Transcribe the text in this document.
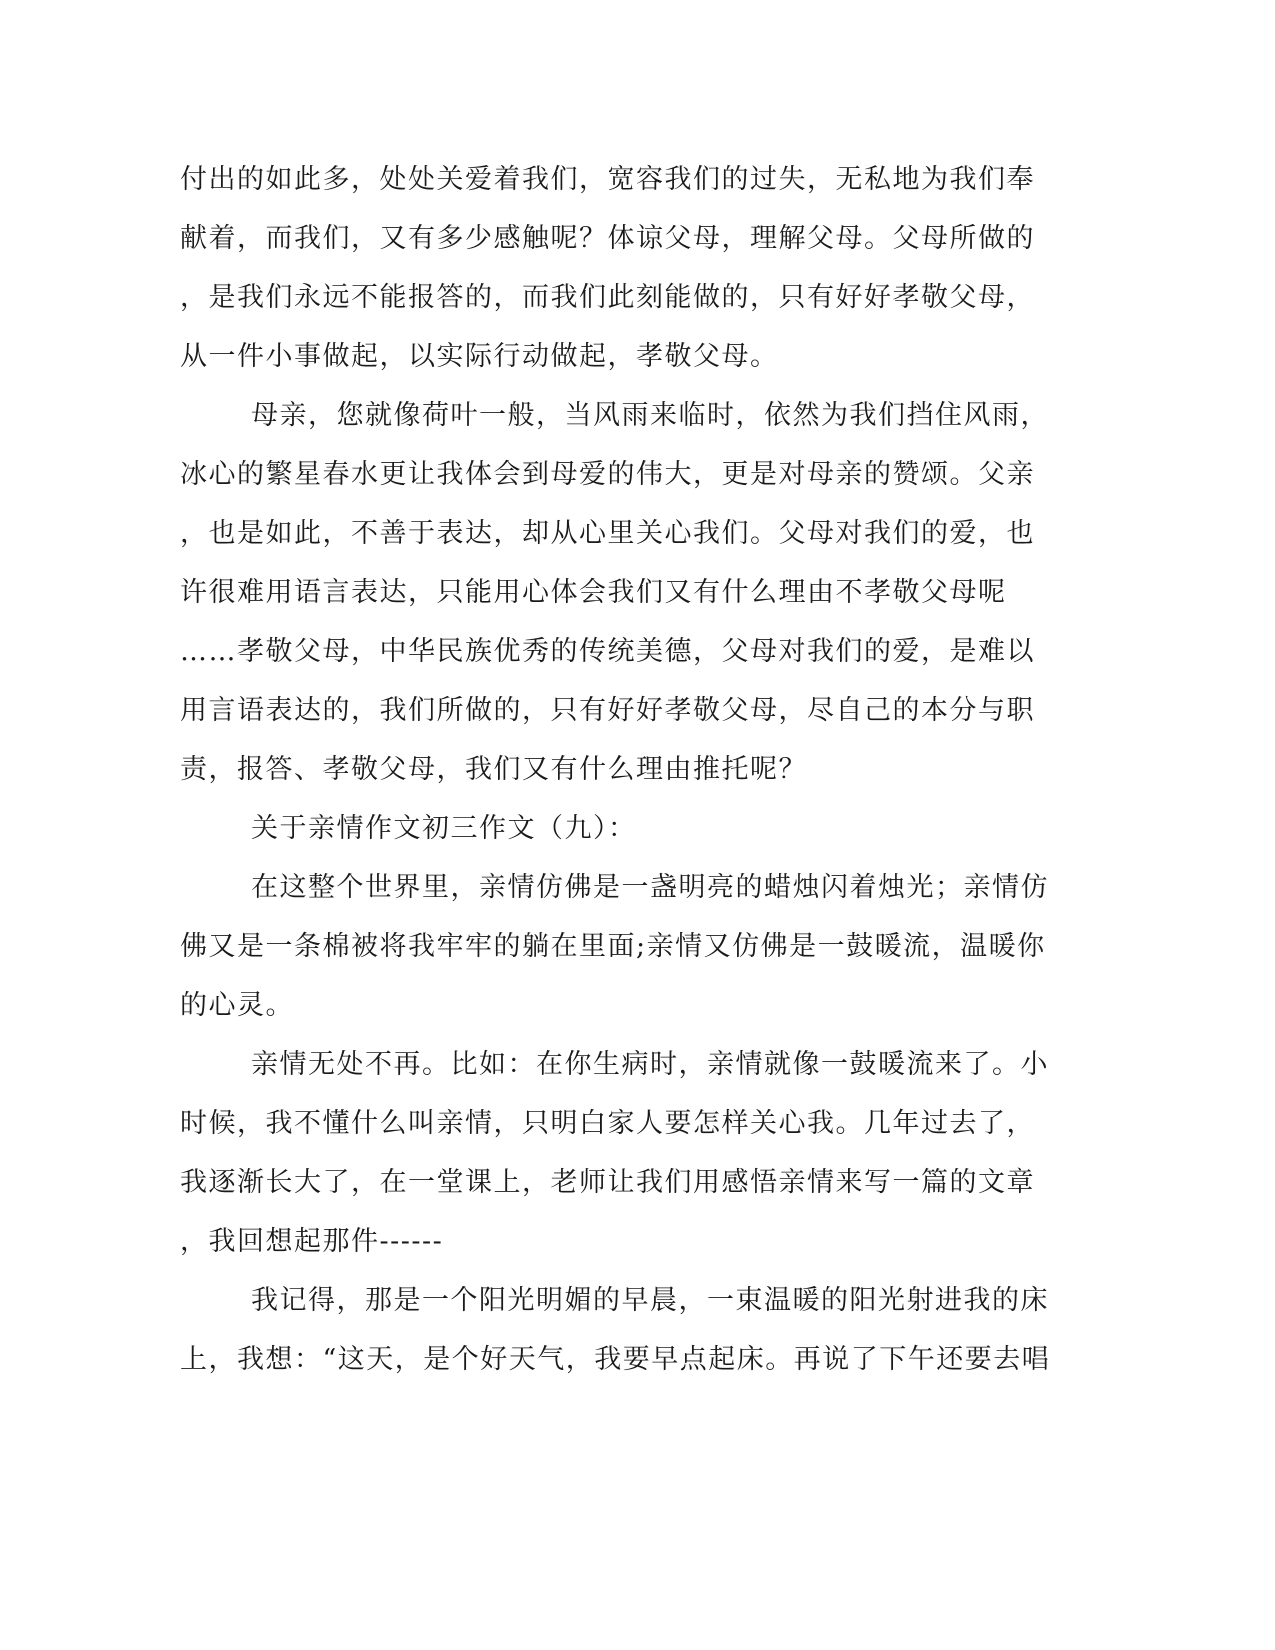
付出的如此多，处处关爱着我们，宽容我们的过失，无私地为我们奉
献着，而我们，又有多少感触呢？体谅父母，理解父母。父母所做的
，是我们永远不能报答的，而我们此刻能做的，只有好好孝敬父母，
从一件小事做起，以实际行动做起，孝敬父母。
母亲，您就像荷叶一般，当风雨来临时，依然为我们挡住风雨，
冰心的繁星春水更让我体会到母爱的伟大，更是对母亲的赞颂。父亲
，也是如此，不善于表达，却从心里关心我们。父母对我们的爱，也
许很难用语言表达，只能用心体会我们又有什么理由不孝敬父母呢
……孝敬父母，中华民族优秀的传统美德，父母对我们的爱，是难以
用言语表达的，我们所做的，只有好好孝敬父母，尽自己的本分与职
责，报答、孝敬父母，我们又有什么理由推托呢？
关于亲情作文初三作文（九）：
在这整个世界里，亲情仿佛是一盏明亮的蜡烛闪着烛光；亲情仿
佛又是一条棉被将我牢牢的躺在里面;亲情又仿佛是一鼓暖流，温暖你
的心灵。
亲情无处不再。比如：在你生病时，亲情就像一鼓暖流来了。小
时候，我不懂什么叫亲情，只明白家人要怎样关心我。几年过去了，
我逐渐长大了，在一堂课上，老师让我们用感悟亲情来写一篇的文章
，我回想起那件------
我记得，那是一个阳光明媚的早晨，一束温暖的阳光射进我的床
上，我想：“这天，是个好天气，我要早点起床。再说了下午还要去唱
